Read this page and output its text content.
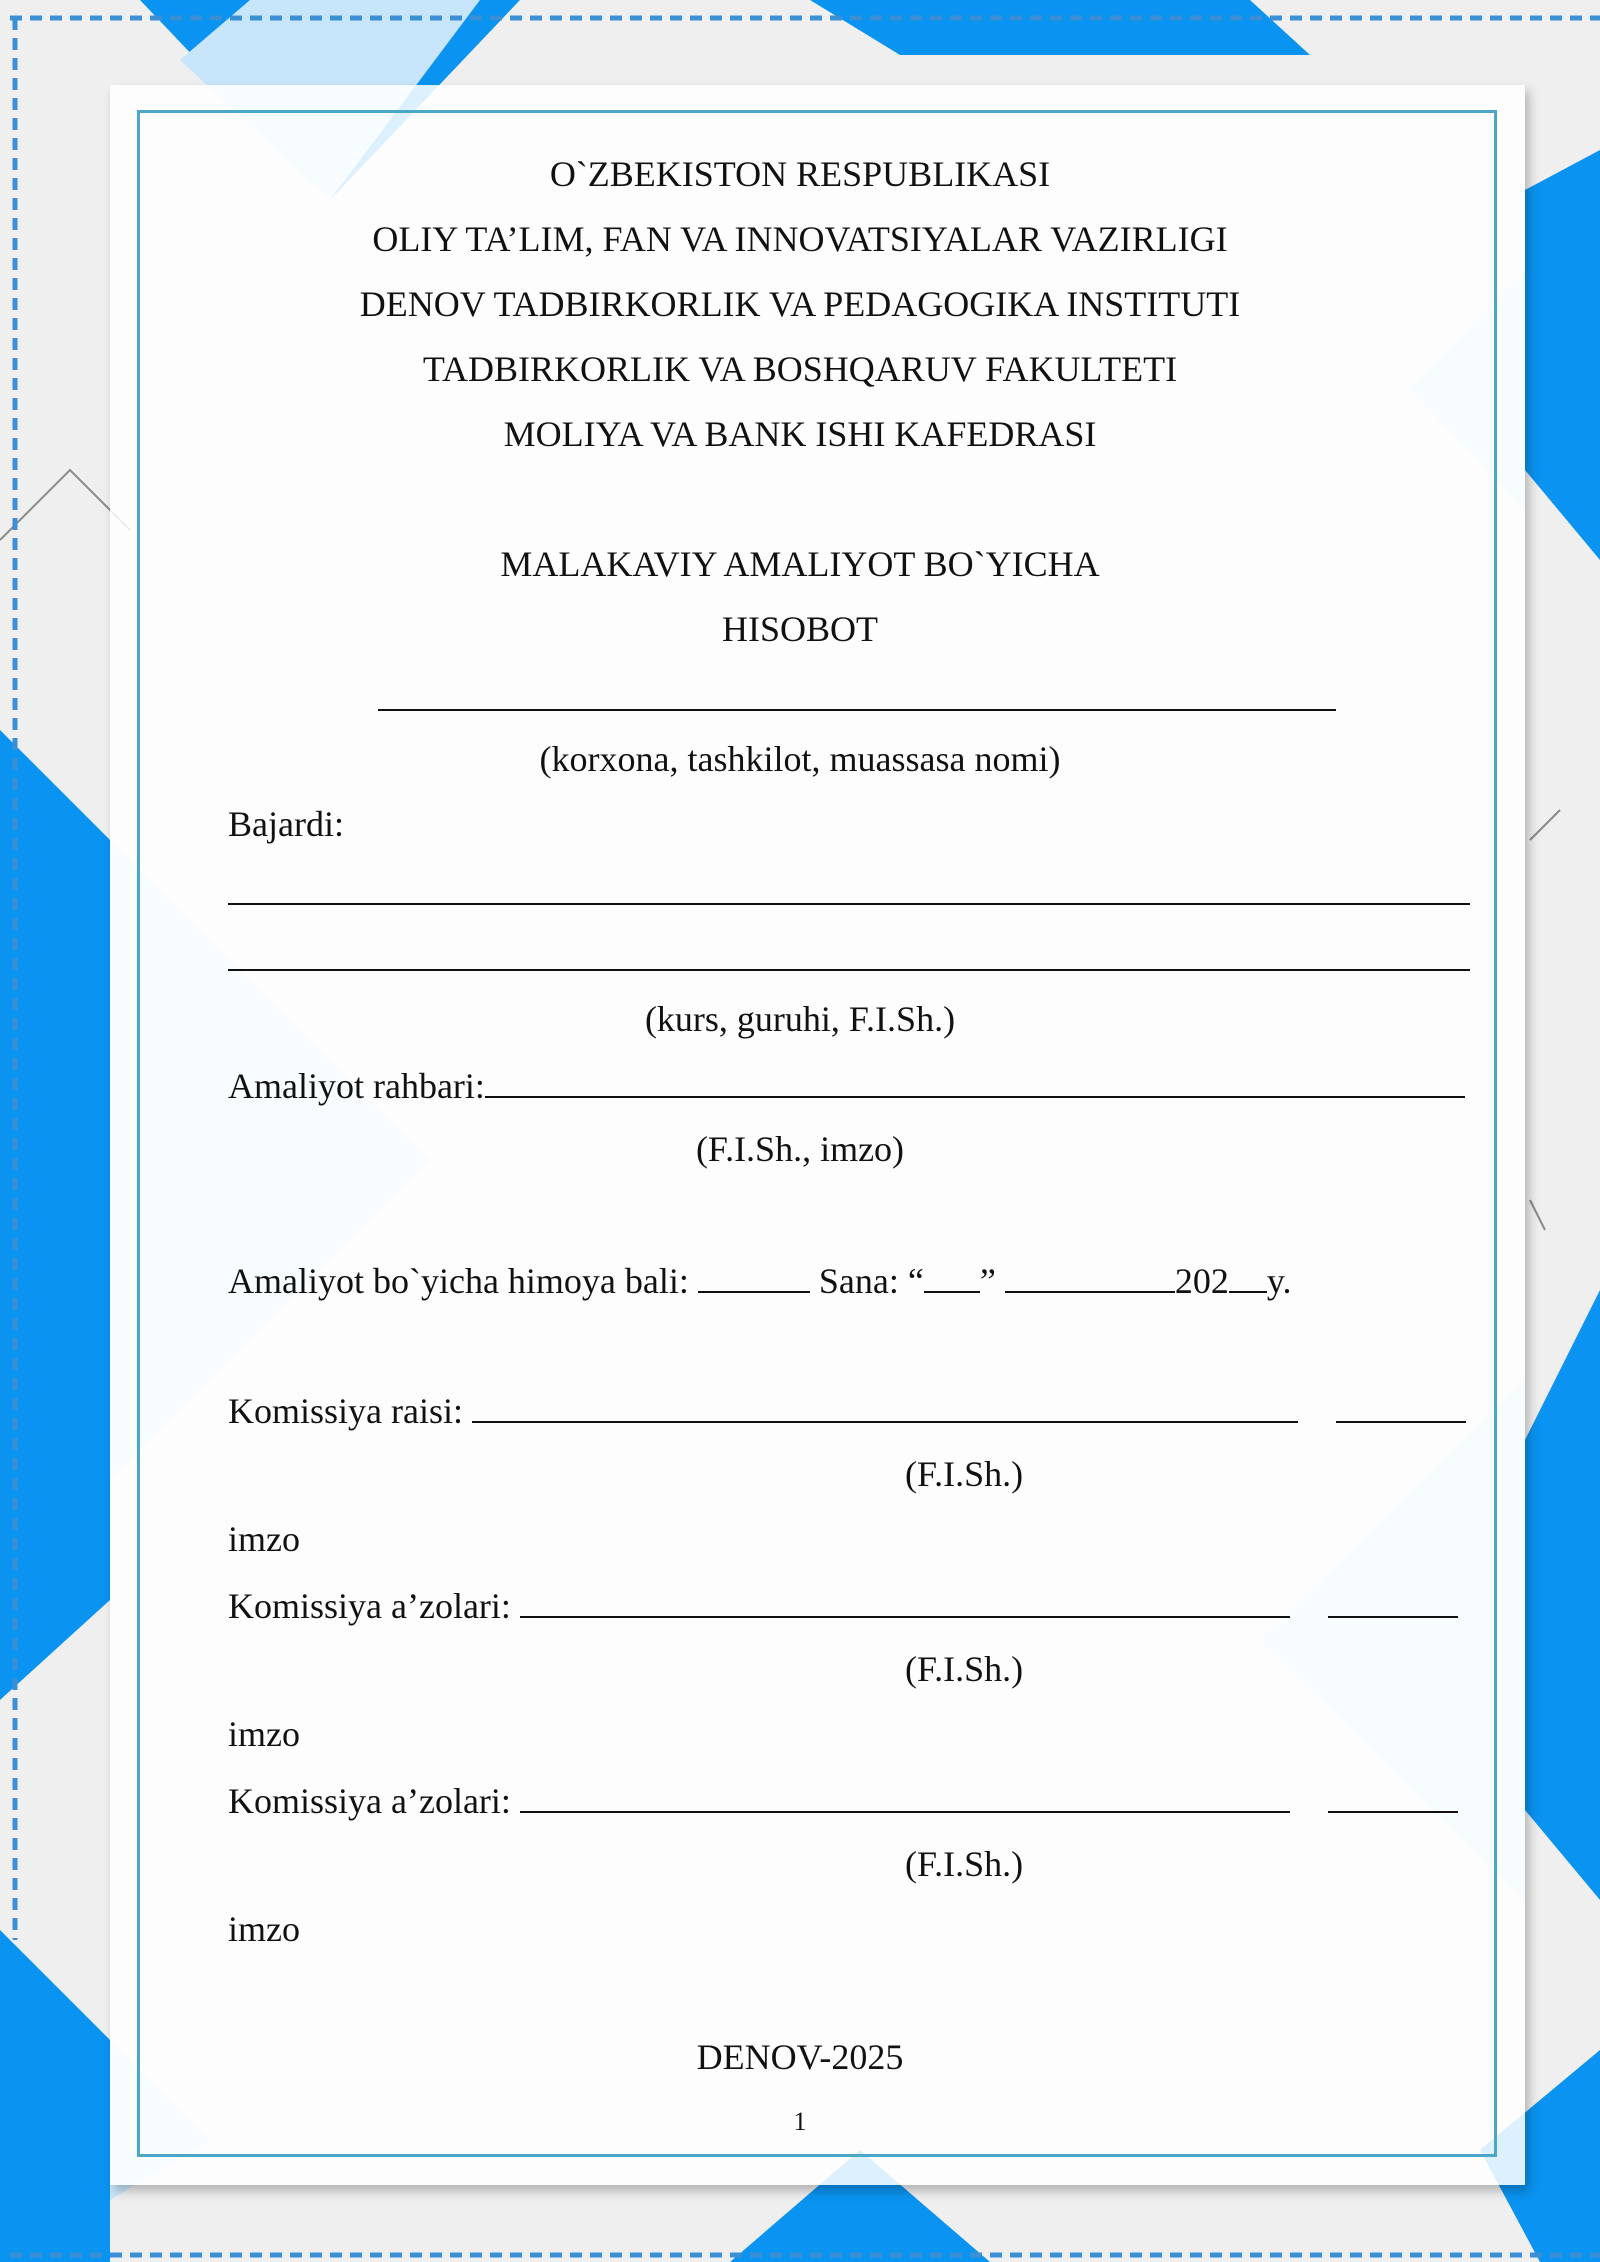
O`ZBEKISTON RESPUBLIKASI
OLIY TA’LIM, FAN VA INNOVATSIYALAR VAZIRLIGI
DENOV TADBIRKORLIK VA PEDAGOGIKA INSTITUTI
TADBIRKORLIK VA BOSHQARUV FAKULTETI
MOLIYA VA BANK ISHI KAFEDRASI
MALAKAVIY AMALIYOT BO`YICHA
HISOBOT
(korxona, tashkilot, muassasa nomi)
Bajardi:
(kurs, guruhi, F.I.Sh.)
Amaliyot rahbari:
(F.I.Sh., imzo)
Amaliyot bo`yicha himoya bali:	Sana: “ ”	202 y.
Komissiya raisi:
(F.I.Sh.)
imzo
Komissiya a’zolari:
(F.I.Sh.)
imzo
Komissiya a’zolari:
(F.I.Sh.)
imzo
DENOV-2025
1
